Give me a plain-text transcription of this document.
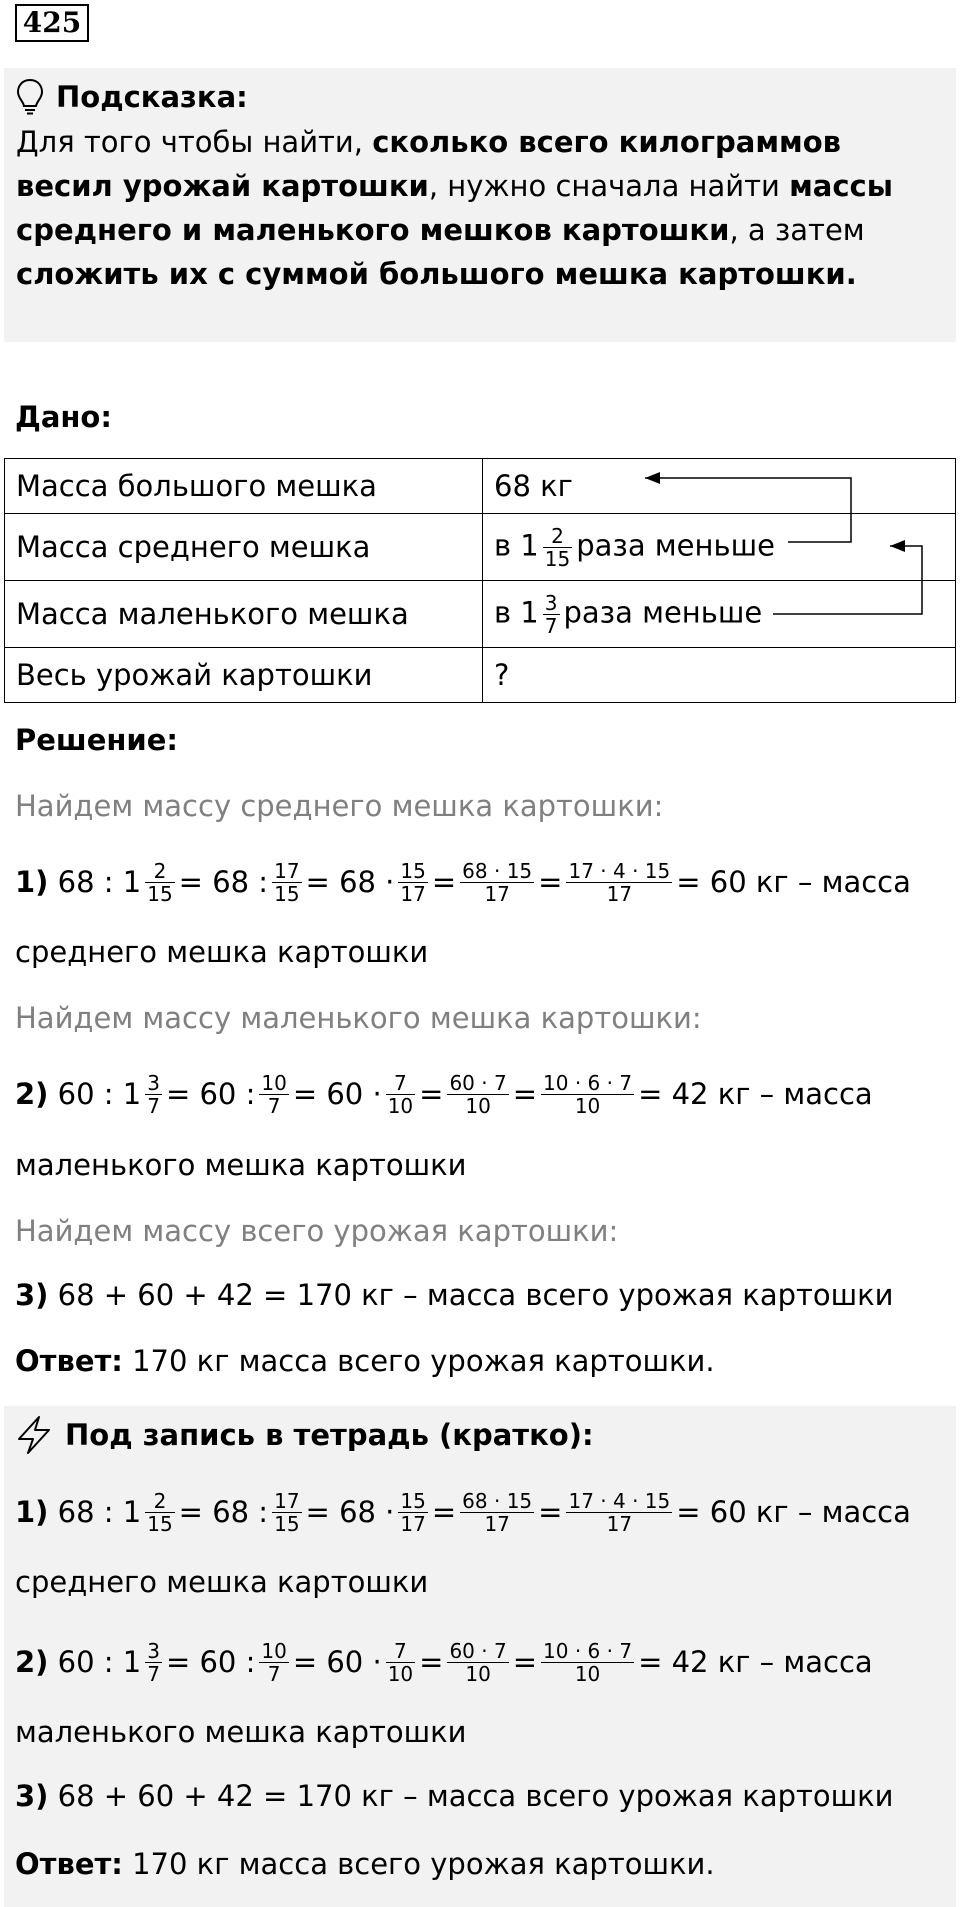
425
Подсказка:
Для того чтобы найти, сколько всего килограммов весил урожай картошки, нужно сначала найти массы среднего и маленького мешков картошки, а затем сложить их с суммой большого мешка картошки.
Дано:
Масса большого мешка	68 кг
Масса среднего мешка	в $1 \frac{2}{15}$ раза меньше
Масса маленького мешка	в $1 \frac{3}{7}$ раза меньше
Весь урожай картошки	?
Решение:
Найдем массу среднего мешка картошки:
1)
68 : $1 \frac{2}{15} = 68$ : $\frac{17}{15} = 68 \cdot \frac{15}{17} = \frac{68 \cdot 15}{17} = \frac{17 \cdot 4 \cdot 15}{17} = 60$ кг – масса
среднего мешка картошки
Найдем массу маленького мешка картошки:
2)
60 : $1 \frac{3}{7} = 60$ : $\frac{10}{7} = 60 \cdot \frac{7}{10} = \frac{60 \cdot 7}{10} = \frac{10 \cdot 6 \cdot 7}{10} = 42$ кг – масса
маленького мешка картошки
Найдем массу всего урожая картошки:
3) 68 + 60 + 42 = 170 кг – масса всего урожая картошки
Ответ: 170 кг масса всего урожая картошки.
Под запись в тетрадь (кратко):
1)
68 : $1 \frac{2}{15} = 68$ : $\frac{17}{15} = 68 \cdot \frac{15}{17} = \frac{68 \cdot 15}{17} = \frac{17 \cdot 4 \cdot 15}{17} = 60$ кг – масса
среднего мешка картошки
2)
60 : $1 \frac{3}{7} = 60$ : $\frac{10}{7} = 60 \cdot \frac{7}{10} = \frac{60 \cdot 7}{10} = \frac{10 \cdot 6 \cdot 7}{10} = 42$ кг – масса
маленького мешка картошки
3) 68 + 60 + 42 = 170 кг – масса всего урожая картошки
Ответ: 170 кг масса всего урожая картошки.
